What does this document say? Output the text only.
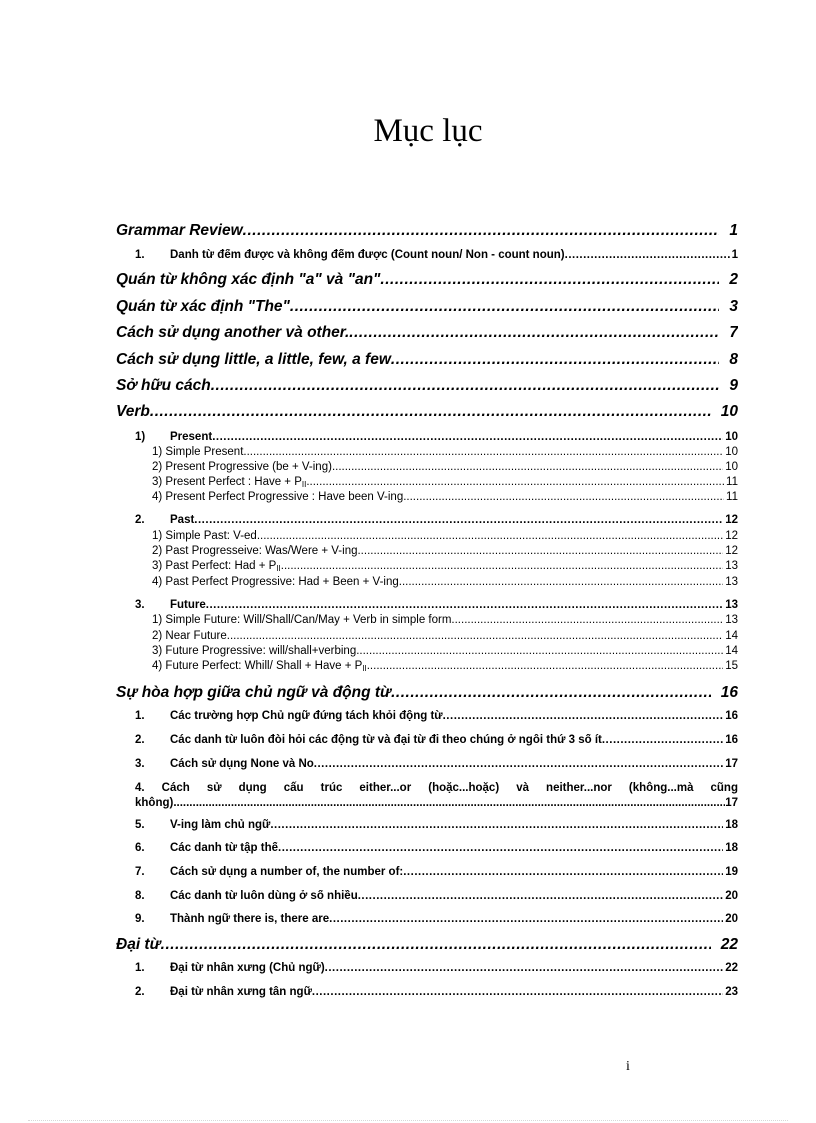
Mục lục
Grammar Review .....	1
1. Danh từ đếm được và không đếm được (Count noun/ Non - count noun) .....	1
Quán từ không xác định "a" và "an" .....	2
Quán từ xác định "The" .....	3
Cách sử dụng another và other. .....	7
Cách sử dụng little, a little, few, a few .....	8
Sở hữu cách .....	9
Verb .....	10
1) Present .....	10
1) Simple Present .....	10
2) Present Progressive (be + V-ing) .....	10
3) Present Perfect : Have + $P_{II}$ .....	11
4) Present Perfect Progressive : Have been V-ing .....	11
2. Past .....	12
1) Simple Past: V-ed .....	12
2) Past Progresseive: Was/Were + V-ing .....	12
3) Past Perfect: Had + $P_{II}$ .....	13
4) Past Perfect Progressive: Had + Been + V-ing .....	13
3. Future .....	13
1) Simple Future: Will/Shall/Can/May + Verb in simple form .....	13
2) Near Future .....	14
3) Future Progressive: will/shall+verbing .....	14
4) Future Perfect: Whill/ Shall + Have + $P_{II}$ .....	15
Sự hòa hợp giữa chủ ngữ và động từ .....	16
1. Các trường hợp Chủ ngữ đứng tách khỏi động từ .....	16
2. Các danh từ luôn đòi hỏi các động từ và đại từ đi theo chúng ở ngôi thứ 3 số ít .....	16
3. Cách sử dụng None và No .....	17
4. Cách sử dụng cấu trúc either...or (hoặc...hoặc) và neither...nor (không...mà cũng
không) .....	17
5. V-ing làm chủ ngữ .....	18
6. Các danh từ tập thể .....	18
7. Cách sử dụng a number of, the number of: .....	19
8. Các danh từ luôn dùng ở số nhiều .....	20
9. Thành ngữ there is, there are .....	20
Đại từ .....	22
1. Đại từ nhân xưng (Chủ ngữ) .....	22
2. Đại từ nhân xưng tân ngữ .....	23
i
